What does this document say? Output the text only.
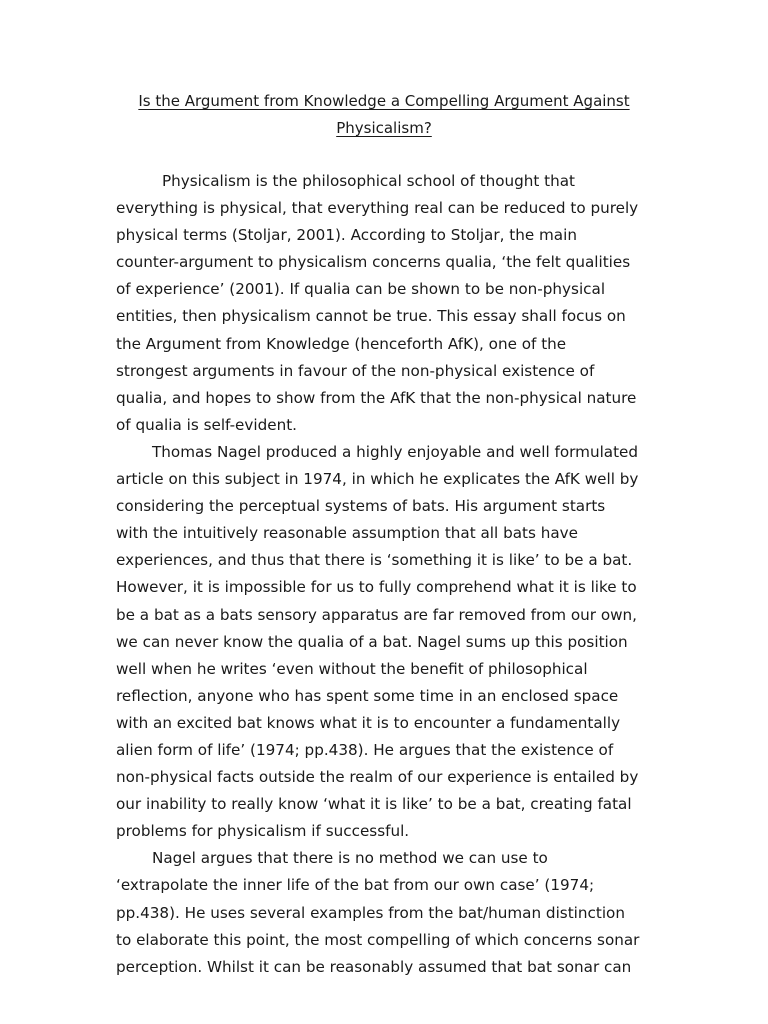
Is the Argument from Knowledge a Compelling Argument Against
Physicalism?
Physicalism is the philosophical school of thought that
everything is physical, that everything real can be reduced to purely
physical terms (Stoljar, 2001). According to Stoljar, the main
counter-argument to physicalism concerns qualia, ‘the felt qualities
of experience’ (2001). If qualia can be shown to be non-physical
entities, then physicalism cannot be true. This essay shall focus on
the Argument from Knowledge (henceforth AfK), one of the
strongest arguments in favour of the non-physical existence of
qualia, and hopes to show from the AfK that the non-physical nature
of qualia is self-evident.
Thomas Nagel produced a highly enjoyable and well formulated
article on this subject in 1974, in which he explicates the AfK well by
considering the perceptual systems of bats. His argument starts
with the intuitively reasonable assumption that all bats have
experiences, and thus that there is ‘something it is like’ to be a bat.
However, it is impossible for us to fully comprehend what it is like to
be a bat as a bats sensory apparatus are far removed from our own,
we can never know the qualia of a bat. Nagel sums up this position
well when he writes ‘even without the benefit of philosophical
reflection, anyone who has spent some time in an enclosed space
with an excited bat knows what it is to encounter a fundamentally
alien form of life’ (1974; pp.438). He argues that the existence of
non-physical facts outside the realm of our experience is entailed by
our inability to really know ‘what it is like’ to be a bat, creating fatal
problems for physicalism if successful.
Nagel argues that there is no method we can use to
‘extrapolate the inner life of the bat from our own case’ (1974;
pp.438). He uses several examples from the bat/human distinction
to elaborate this point, the most compelling of which concerns sonar
perception. Whilst it can be reasonably assumed that bat sonar can
